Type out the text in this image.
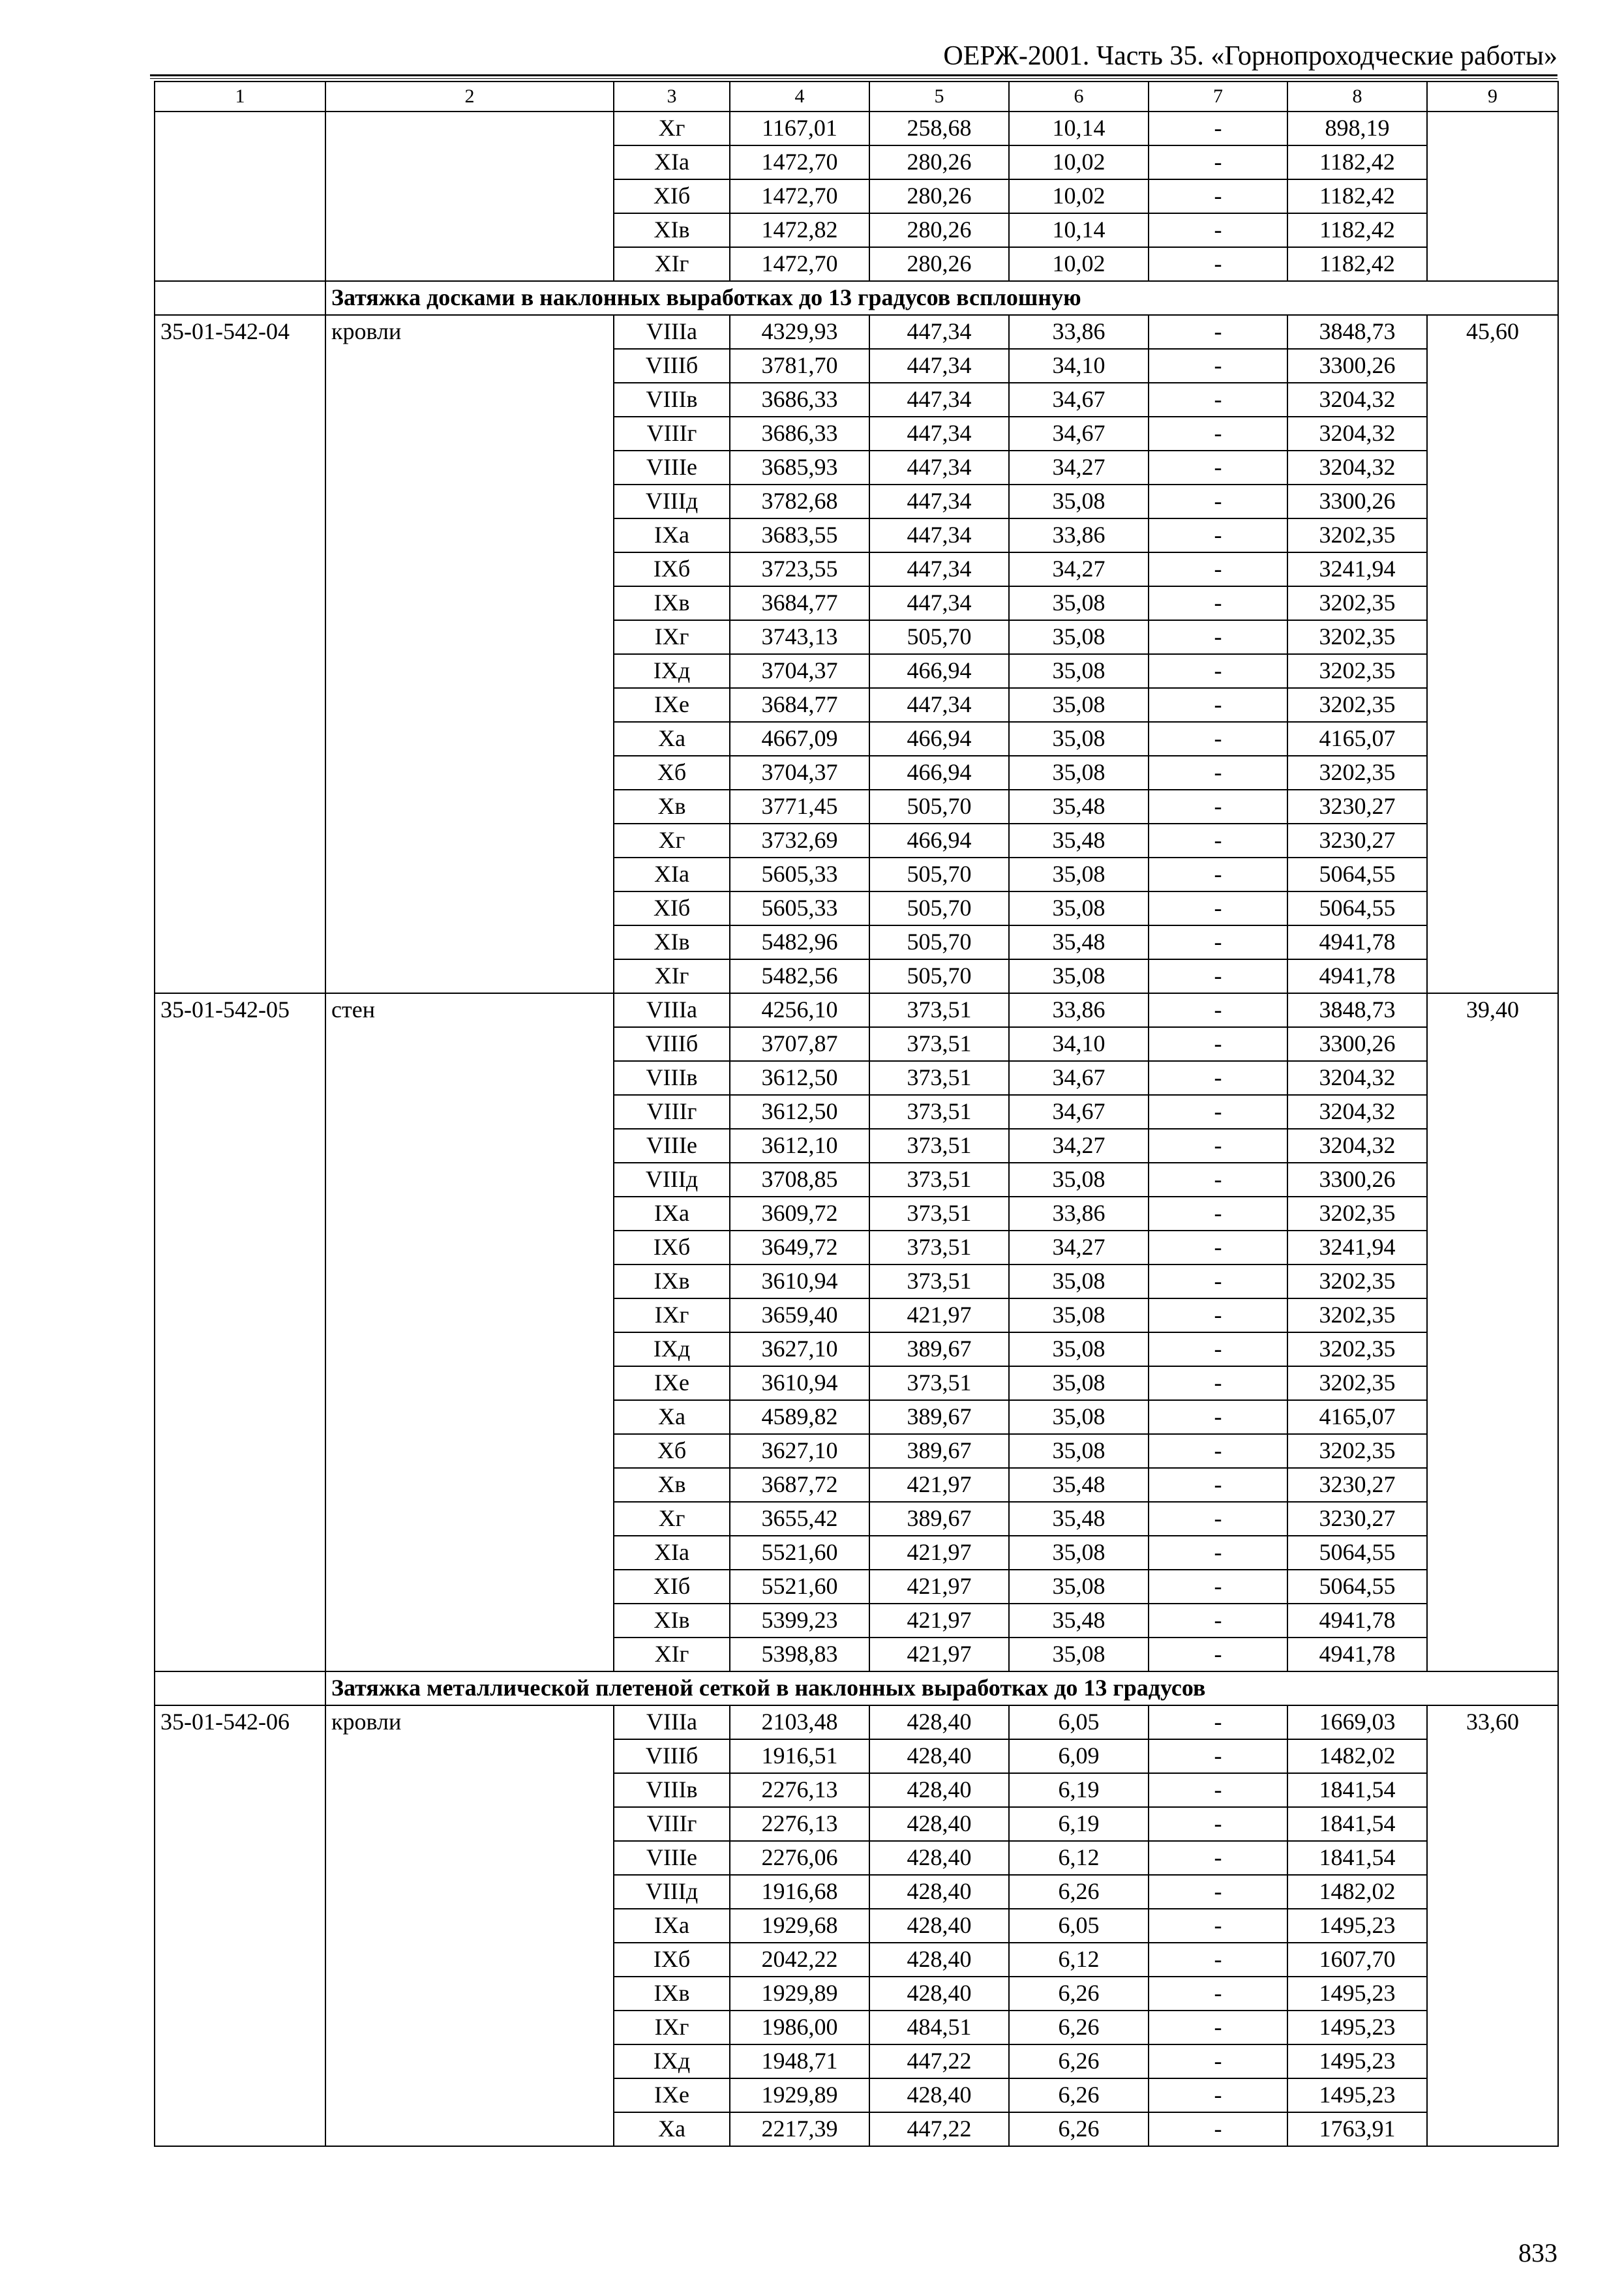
ОЕРЖ-2001. Часть 35. «Горнопроходческие работы»
1	2	3	4	5	6	7	8	9
		Xг	1167,01	258,68	10,14	-	898,19	
		XIа	1472,70	280,26	10,02	-	1182,42	
		XIб	1472,70	280,26	10,02	-	1182,42	
		XIв	1472,82	280,26	10,14	-	1182,42	
		XIг	1472,70	280,26	10,02	-	1182,42	
	Затяжка досками в наклонных выработках до 13 градусов всплошную							
35-01-542-04	кровли	VIIIа	4329,93	447,34	33,86	-	3848,73	45,60
		VIIIб	3781,70	447,34	34,10	-	3300,26	
		VIIIв	3686,33	447,34	34,67	-	3204,32	
		VIIIг	3686,33	447,34	34,67	-	3204,32	
		VIIIе	3685,93	447,34	34,27	-	3204,32	
		VIIIд	3782,68	447,34	35,08	-	3300,26	
		IXа	3683,55	447,34	33,86	-	3202,35	
		IXб	3723,55	447,34	34,27	-	3241,94	
		IXв	3684,77	447,34	35,08	-	3202,35	
		IXг	3743,13	505,70	35,08	-	3202,35	
		IXд	3704,37	466,94	35,08	-	3202,35	
		IXе	3684,77	447,34	35,08	-	3202,35	
		Xа	4667,09	466,94	35,08	-	4165,07	
		Xб	3704,37	466,94	35,08	-	3202,35	
		Xв	3771,45	505,70	35,48	-	3230,27	
		Xг	3732,69	466,94	35,48	-	3230,27	
		XIа	5605,33	505,70	35,08	-	5064,55	
		XIб	5605,33	505,70	35,08	-	5064,55	
		XIв	5482,96	505,70	35,48	-	4941,78	
		XIг	5482,56	505,70	35,08	-	4941,78	
35-01-542-05	стен	VIIIа	4256,10	373,51	33,86	-	3848,73	39,40
		VIIIб	3707,87	373,51	34,10	-	3300,26	
		VIIIв	3612,50	373,51	34,67	-	3204,32	
		VIIIг	3612,50	373,51	34,67	-	3204,32	
		VIIIе	3612,10	373,51	34,27	-	3204,32	
		VIIIд	3708,85	373,51	35,08	-	3300,26	
		IXа	3609,72	373,51	33,86	-	3202,35	
		IXб	3649,72	373,51	34,27	-	3241,94	
		IXв	3610,94	373,51	35,08	-	3202,35	
		IXг	3659,40	421,97	35,08	-	3202,35	
		IXд	3627,10	389,67	35,08	-	3202,35	
		IXе	3610,94	373,51	35,08	-	3202,35	
		Xа	4589,82	389,67	35,08	-	4165,07	
		Xб	3627,10	389,67	35,08	-	3202,35	
		Xв	3687,72	421,97	35,48	-	3230,27	
		Xг	3655,42	389,67	35,48	-	3230,27	
		XIа	5521,60	421,97	35,08	-	5064,55	
		XIб	5521,60	421,97	35,08	-	5064,55	
		XIв	5399,23	421,97	35,48	-	4941,78	
		XIг	5398,83	421,97	35,08	-	4941,78	
	Затяжка металлической плетеной сеткой в наклонных выработках до 13 градусов							
35-01-542-06	кровли	VIIIа	2103,48	428,40	6,05	-	1669,03	33,60
		VIIIб	1916,51	428,40	6,09	-	1482,02	
		VIIIв	2276,13	428,40	6,19	-	1841,54	
		VIIIг	2276,13	428,40	6,19	-	1841,54	
		VIIIе	2276,06	428,40	6,12	-	1841,54	
		VIIIд	1916,68	428,40	6,26	-	1482,02	
		IXа	1929,68	428,40	6,05	-	1495,23	
		IXб	2042,22	428,40	6,12	-	1607,70	
		IXв	1929,89	428,40	6,26	-	1495,23	
		IXг	1986,00	484,51	6,26	-	1495,23	
		IXд	1948,71	447,22	6,26	-	1495,23	
		IXе	1929,89	428,40	6,26	-	1495,23	
		Xа	2217,39	447,22	6,26	-	1763,91	
833
